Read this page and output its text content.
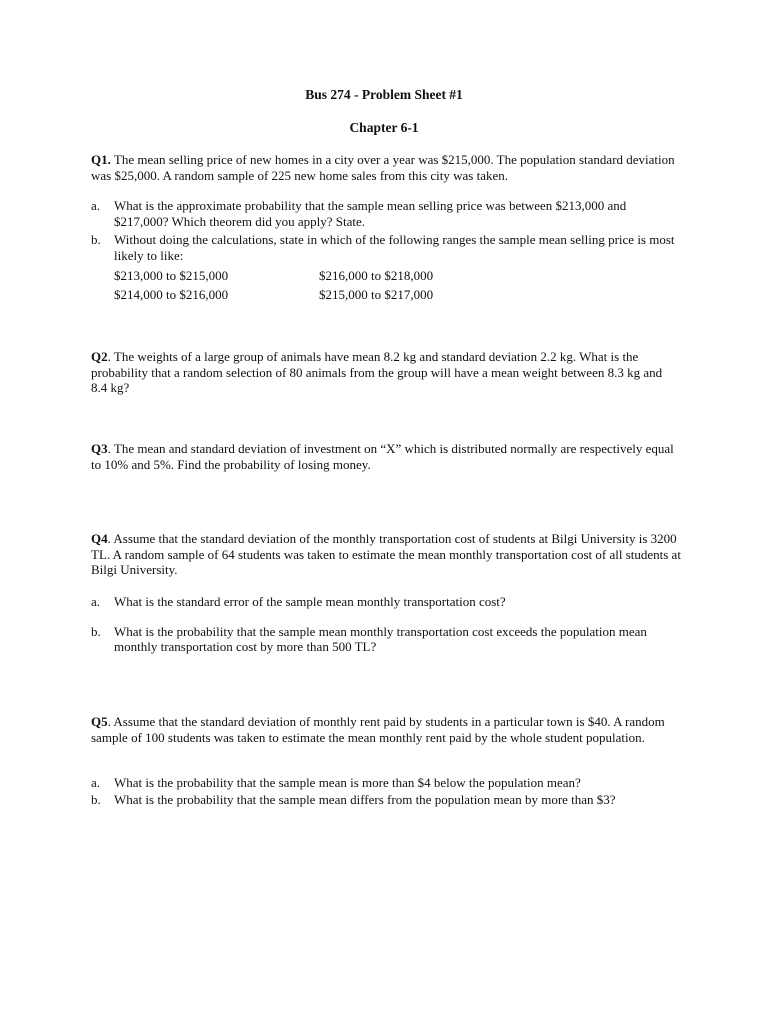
Bus 274 - Problem Sheet #1
Chapter 6-1
Q1. The mean selling price of new homes in a city over a year was $215,000. The population standard deviation was $25,000. A random sample of 225 new home sales from this city was taken.
a. What is the approximate probability that the sample mean selling price was between $213,000 and $217,000? Which theorem did you apply? State.
b. Without doing the calculations, state in which of the following ranges the sample mean selling price is most likely to like:
$213,000 to $215,000	$216,000 to $218,000
$214,000 to $216,000	$215,000 to $217,000
Q2. The weights of a large group of animals have mean 8.2 kg and standard deviation 2.2 kg. What is the probability that a random selection of 80 animals from the group will have a mean weight between 8.3 kg and 8.4 kg?
Q3. The mean and standard deviation of investment on “X” which is distributed normally are respectively equal to 10% and 5%. Find the probability of losing money.
Q4. Assume that the standard deviation of the monthly transportation cost of students at Bilgi University is 3200 TL. A random sample of 64 students was taken to estimate the mean monthly transportation cost of all students at Bilgi University.
a. What is the standard error of the sample mean monthly transportation cost?
b. What is the probability that the sample mean monthly transportation cost exceeds the population mean monthly transportation cost by more than 500 TL?
Q5. Assume that the standard deviation of monthly rent paid by students in a particular town is $40. A random sample of 100 students was taken to estimate the mean monthly rent paid by the whole student population.
a. What is the probability that the sample mean is more than $4 below the population mean?
b. What is the probability that the sample mean differs from the population mean by more than $3?
